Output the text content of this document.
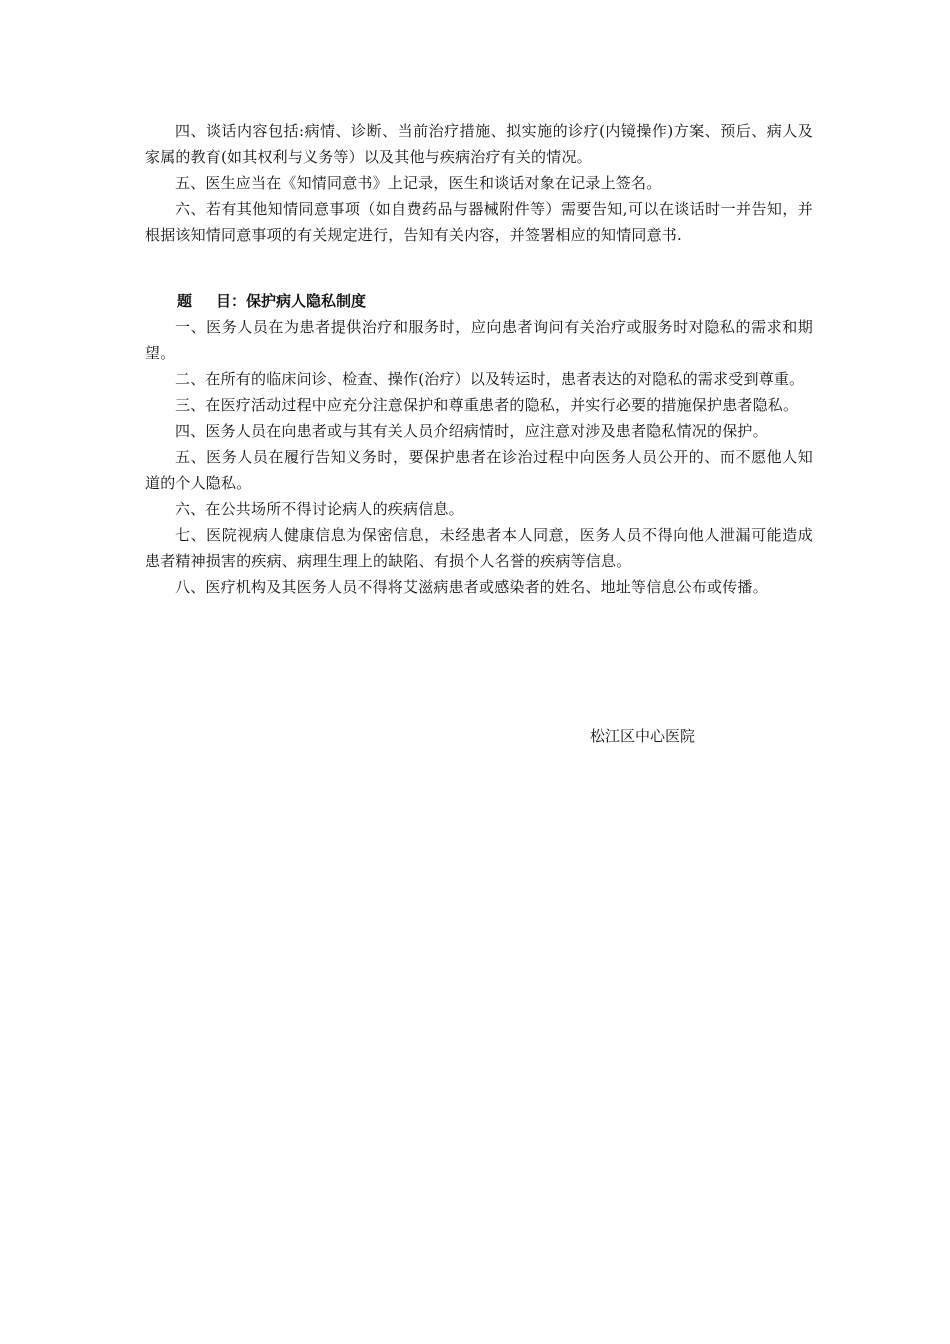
四、谈话内容包括:病情、诊断、当前治疗措施、拟实施的诊疗(内镜操作)方案、预后、病人及家属的教育(如其权利与义务等）以及其他与疾病治疗有关的情况。

五、医生应当在《知情同意书》上记录，医生和谈话对象在记录上签名。

六、若有其他知情同意事项（如自费药品与器械附件等）需要告知,可以在谈话时一并告知，并根据该知情同意事项的有关规定进行，告知有关内容，并签署相应的知情同意书.

题 目：保护病人隐私制度

一、医务人员在为患者提供治疗和服务时，应向患者询问有关治疗或服务时对隐私的需求和期望。

二、在所有的临床问诊、检查、操作(治疗）以及转运时，患者表达的对隐私的需求受到尊重。

三、在医疗活动过程中应充分注意保护和尊重患者的隐私，并实行必要的措施保护患者隐私。

四、医务人员在向患者或与其有关人员介绍病情时，应注意对涉及患者隐私情况的保护。

五、医务人员在履行告知义务时，要保护患者在诊治过程中向医务人员公开的、而不愿他人知道的个人隐私。

六、在公共场所不得讨论病人的疾病信息。

七、医院视病人健康信息为保密信息，未经患者本人同意，医务人员不得向他人泄漏可能造成患者精神损害的疾病、病理生理上的缺陷、有损个人名誉的疾病等信息。

八、医疗机构及其医务人员不得将艾滋病患者或感染者的姓名、地址等信息公布或传播。

松江区中心医院
